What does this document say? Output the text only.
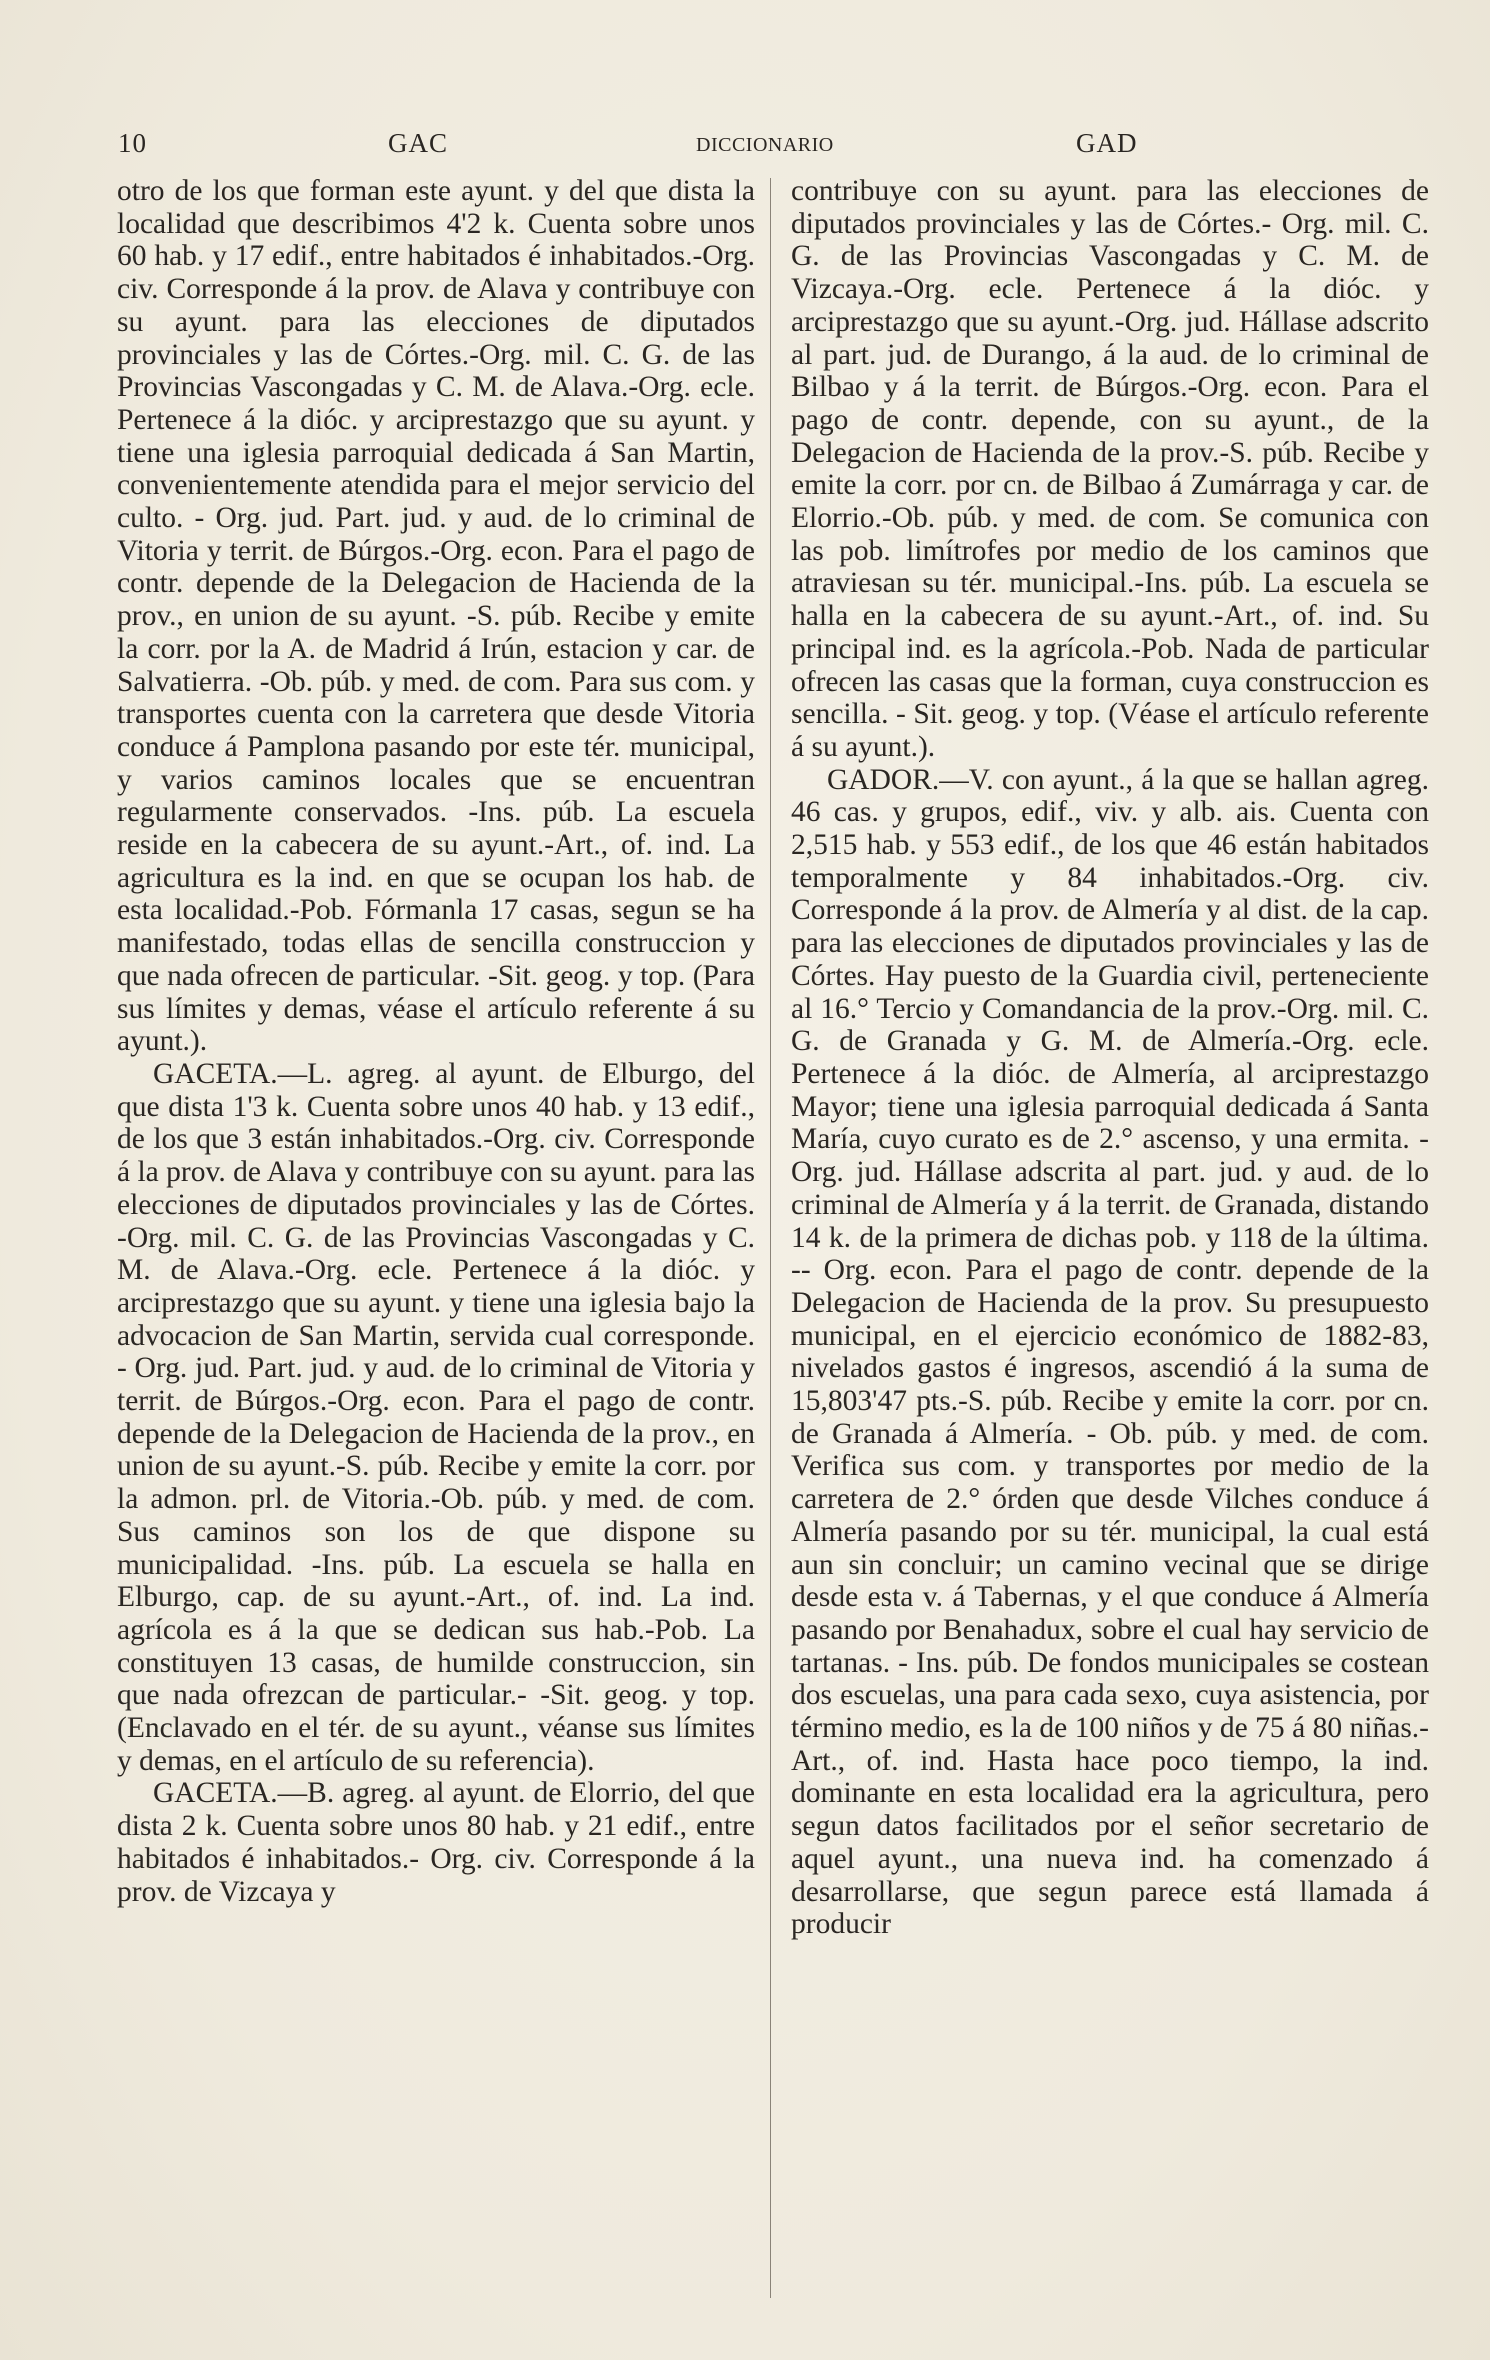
10	GAC	DICCIONARIO	GAD

otro de los que forman este ayunt. y del que dista la localidad que describimos 4'2 k. Cuenta sobre unos 60 hab. y 17 edif., entre habitados é inhabitados.-Org. civ. Corresponde á la prov. de Alava y contribuye con su ayunt. para las elecciones de diputados provinciales y las de Córtes.-Org. mil. C. G. de las Provincias Vascongadas y C. M. de Alava.-Org. ecle. Pertenece á la dióc. y arciprestazgo que su ayunt. y tiene una iglesia parroquial dedicada á San Martin, convenientemente atendida para el mejor servicio del culto. - Org. jud. Part. jud. y aud. de lo criminal de Vitoria y territ. de Búrgos.-Org. econ. Para el pago de contr. depende de la Delegacion de Hacienda de la prov., en union de su ayunt. -S. púb. Recibe y emite la corr. por la A. de Madrid á Irún, estacion y car. de Salvatierra. -Ob. púb. y med. de com. Para sus com. y transportes cuenta con la carretera que desde Vitoria conduce á Pamplona pasando por este tér. municipal, y varios caminos locales que se encuentran regularmente conservados. -Ins. púb. La escuela reside en la cabecera de su ayunt.-Art., of. ind. La agricultura es la ind. en que se ocupan los hab. de esta localidad.-Pob. Fórmanla 17 casas, segun se ha manifestado, todas ellas de sencilla construccion y que nada ofrecen de particular. -Sit. geog. y top. (Para sus límites y demas, véase el artículo referente á su ayunt.).

GACETA.—L. agreg. al ayunt. de Elburgo, del que dista 1'3 k. Cuenta sobre unos 40 hab. y 13 edif., de los que 3 están inhabitados.-Org. civ. Corresponde á la prov. de Alava y contribuye con su ayunt. para las elecciones de diputados provinciales y las de Córtes. -Org. mil. C. G. de las Provincias Vascongadas y C. M. de Alava.-Org. ecle. Pertenece á la dióc. y arciprestazgo que su ayunt. y tiene una iglesia bajo la advocacion de San Martin, servida cual corresponde. - Org. jud. Part. jud. y aud. de lo criminal de Vitoria y territ. de Búrgos.-Org. econ. Para el pago de contr. depende de la Delegacion de Hacienda de la prov., en union de su ayunt.-S. púb. Recibe y emite la corr. por la admon. prl. de Vitoria.-Ob. púb. y med. de com. Sus caminos son los de que dispone su municipalidad. -Ins. púb. La escuela se halla en Elburgo, cap. de su ayunt.-Art., of. ind. La ind. agrícola es á la que se dedican sus hab.-Pob. La constituyen 13 casas, de humilde construccion, sin que nada ofrezcan de particular.- -Sit. geog. y top. (Enclavado en el tér. de su ayunt., véanse sus límites y demas, en el artículo de su referencia).

GACETA.—B. agreg. al ayunt. de Elorrio, del que dista 2 k. Cuenta sobre unos 80 hab. y 21 edif., entre habitados é inhabitados.- Org. civ. Corresponde á la prov. de Vizcaya y

contribuye con su ayunt. para las elecciones de diputados provinciales y las de Córtes.- Org. mil. C. G. de las Provincias Vascongadas y C. M. de Vizcaya.-Org. ecle. Pertenece á la dióc. y arciprestazgo que su ayunt.-Org. jud. Hállase adscrito al part. jud. de Durango, á la aud. de lo criminal de Bilbao y á la territ. de Búrgos.-Org. econ. Para el pago de contr. depende, con su ayunt., de la Delegacion de Hacienda de la prov.-S. púb. Recibe y emite la corr. por cn. de Bilbao á Zumárraga y car. de Elorrio.-Ob. púb. y med. de com. Se comunica con las pob. limítrofes por medio de los caminos que atraviesan su tér. municipal.-Ins. púb. La escuela se halla en la cabecera de su ayunt.-Art., of. ind. Su principal ind. es la agrícola.-Pob. Nada de particular ofrecen las casas que la forman, cuya construccion es sencilla. - Sit. geog. y top. (Véase el artículo referente á su ayunt.).

GADOR.—V. con ayunt., á la que se hallan agreg. 46 cas. y grupos, edif., viv. y alb. ais. Cuenta con 2,515 hab. y 553 edif., de los que 46 están habitados temporalmente y 84 inhabitados.-Org. civ. Corresponde á la prov. de Almería y al dist. de la cap. para las elecciones de diputados provinciales y las de Córtes. Hay puesto de la Guardia civil, perteneciente al 16.° Tercio y Comandancia de la prov.-Org. mil. C. G. de Granada y G. M. de Almería.-Org. ecle. Pertenece á la dióc. de Almería, al arciprestazgo Mayor; tiene una iglesia parroquial dedicada á Santa María, cuyo curato es de 2.° ascenso, y una ermita. - Org. jud. Hállase adscrita al part. jud. y aud. de lo criminal de Almería y á la territ. de Granada, distando 14 k. de la primera de dichas pob. y 118 de la última. -- Org. econ. Para el pago de contr. depende de la Delegacion de Hacienda de la prov. Su presupuesto municipal, en el ejercicio económico de 1882-83, nivelados gastos é ingresos, ascendió á la suma de 15,803'47 pts.-S. púb. Recibe y emite la corr. por cn. de Granada á Almería. - Ob. púb. y med. de com. Verifica sus com. y transportes por medio de la carretera de 2.° órden que desde Vilches conduce á Almería pasando por su tér. municipal, la cual está aun sin concluir; un camino vecinal que se dirige desde esta v. á Tabernas, y el que conduce á Almería pasando por Benahadux, sobre el cual hay servicio de tartanas. - Ins. púb. De fondos municipales se costean dos escuelas, una para cada sexo, cuya asistencia, por término medio, es la de 100 niños y de 75 á 80 niñas.-Art., of. ind. Hasta hace poco tiempo, la ind. dominante en esta localidad era la agricultura, pero segun datos facilitados por el señor secretario de aquel ayunt., una nueva ind. ha comenzado á desarrollarse, que segun parece está llamada á producir
